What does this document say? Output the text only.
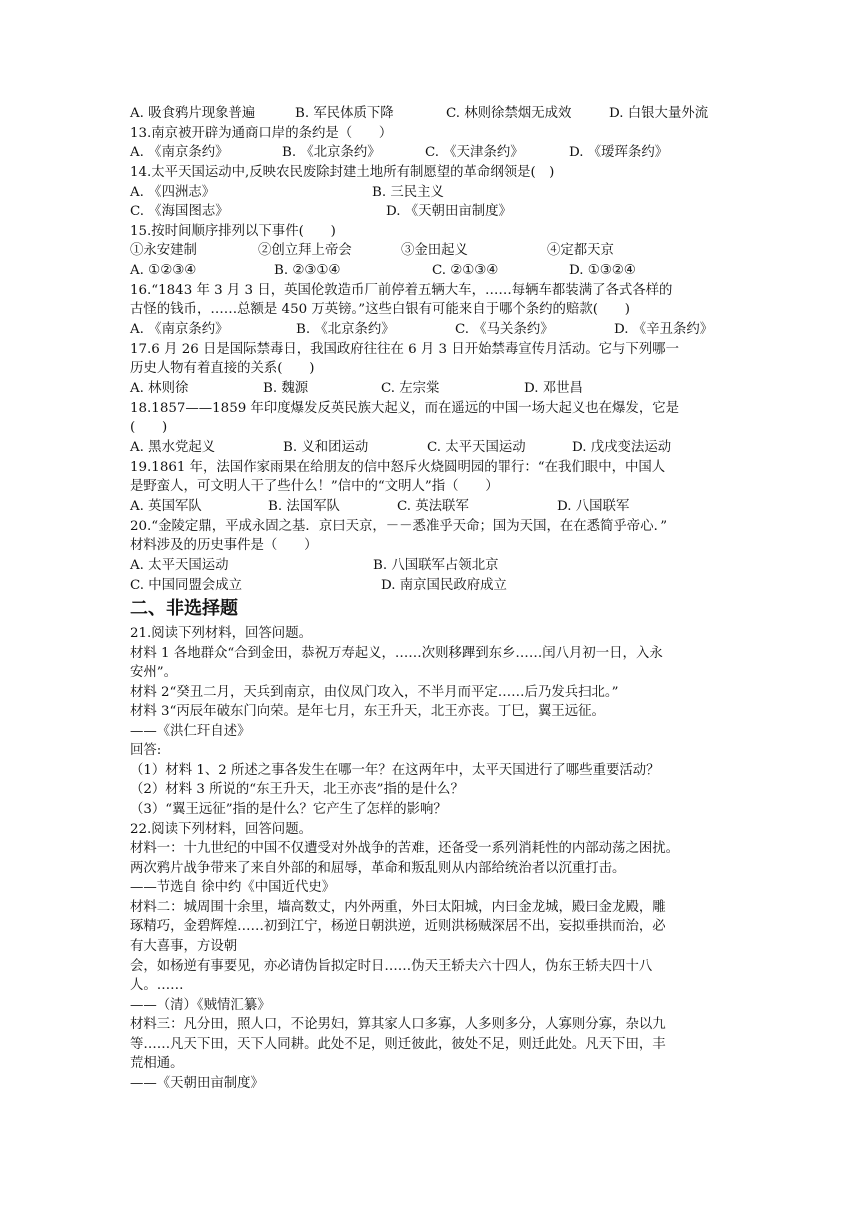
A. 吸食鸦片现象普遍	B. 军民体质下降	C. 林则徐禁烟无成效	D. 白银大量外流
13.南京被开辟为通商口岸的条约是（　　）
A. 《南京条约》	B. 《北京条约》	C. 《天津条约》	D. 《瑷珲条约》
14.太平天国运动中,反映农民废除封建土地所有制愿望的革命纲领是(　)
A. 《四洲志》	B. 三民主义
C. 《海国图志》	D. 《天朝田亩制度》
15.按时间顺序排列以下事件(　　)
①永安建制	②创立拜上帝会	③金田起义	④定都天京
A. ①②③④	B. ②③①④	C. ②①③④	D. ①③②④
16.“1843 年 3 月 3 日，英国伦敦造币厂前停着五辆大车，……每辆车都装满了各式各样的
古怪的钱币，……总额是 450 万英镑。”这些白银有可能来自于哪个条约的赔款(　　)
A. 《南京条约》	B. 《北京条约》	C. 《马关条约》	D. 《辛丑条约》
17.6 月 26 日是国际禁毒日，我国政府往往在 6 月 3 日开始禁毒宣传月活动。它与下列哪一
历史人物有着直接的关系(　　)
A. 林则徐	B. 魏源	C. 左宗棠	D. 邓世昌
18.1857——1859 年印度爆发反英民族大起义，而在遥远的中国一场大起义也在爆发，它是
(　　)
A. 黑水党起义	B. 义和团运动	C. 太平天国运动	D. 戊戌变法运动
19.1861 年，法国作家雨果在给朋友的信中怒斥火烧圆明园的罪行：“在我们眼中，中国人
是野蛮人，可文明人干了些什么！”信中的“文明人”指（　　）
A. 英国军队	B. 法国军队	C. 英法联军	D. 八国联军
20.“金陵定鼎，平成永固之基．京曰天京，－－悉准乎天命；国为天国，在在悉简乎帝心．”
材料涉及的历史事件是（　　）
A. 太平天国运动	B. 八国联军占领北京
C. 中国同盟会成立	D. 南京国民政府成立
二、非选择题
21.阅读下列材料，回答问题。
材料 1 各地群众“合到金田，恭祝万寿起义，……次则移蹕到东乡……闰八月初一日，入永
安州”。
材料 2“癸丑二月，天兵到南京，由仪凤门攻入，不半月而平定……后乃发兵扫北。”
材料 3“丙辰年破东门向荣。是年七月，东王升天，北王亦丧。丁巳，翼王远征。
——《洪仁玕自述》
回答:
（1）材料 1、2 所述之事各发生在哪一年？在这两年中，太平天国进行了哪些重要活动？
（2）材料 3 所说的“东王升天，北王亦丧”指的是什么？
（3）“翼王远征”指的是什么？它产生了怎样的影响？
22.阅读下列材料，回答问题。
材料一：十九世纪的中国不仅遭受对外战争的苦难，还备受一系列消耗性的内部动荡之困扰。
两次鸦片战争带来了来自外部的和屈辱，革命和叛乱则从内部给统治者以沉重打击。
——节选自 徐中约《中国近代史》
材料二：城周围十余里，墙高数丈，内外两重，外曰太阳城，内曰金龙城，殿曰金龙殿，雕
琢精巧，金碧辉煌……初到江宁，杨逆日朝洪逆，近则洪杨贼深居不出，妄拟垂拱而治，必
有大喜事，方设朝
会，如杨逆有事要见，亦必请伪旨拟定时日……伪天王轿夫六十四人，伪东王轿夫四十八
人。……
——（清）《贼情汇纂》
材料三：凡分田，照人口，不论男妇，算其家人口多寡，人多则多分，人寡则分寡，杂以九
等……凡天下田，天下人同耕。此处不足，则迁彼此，彼处不足，则迁此处。凡天下田，丰
荒相通。
——《天朝田亩制度》
